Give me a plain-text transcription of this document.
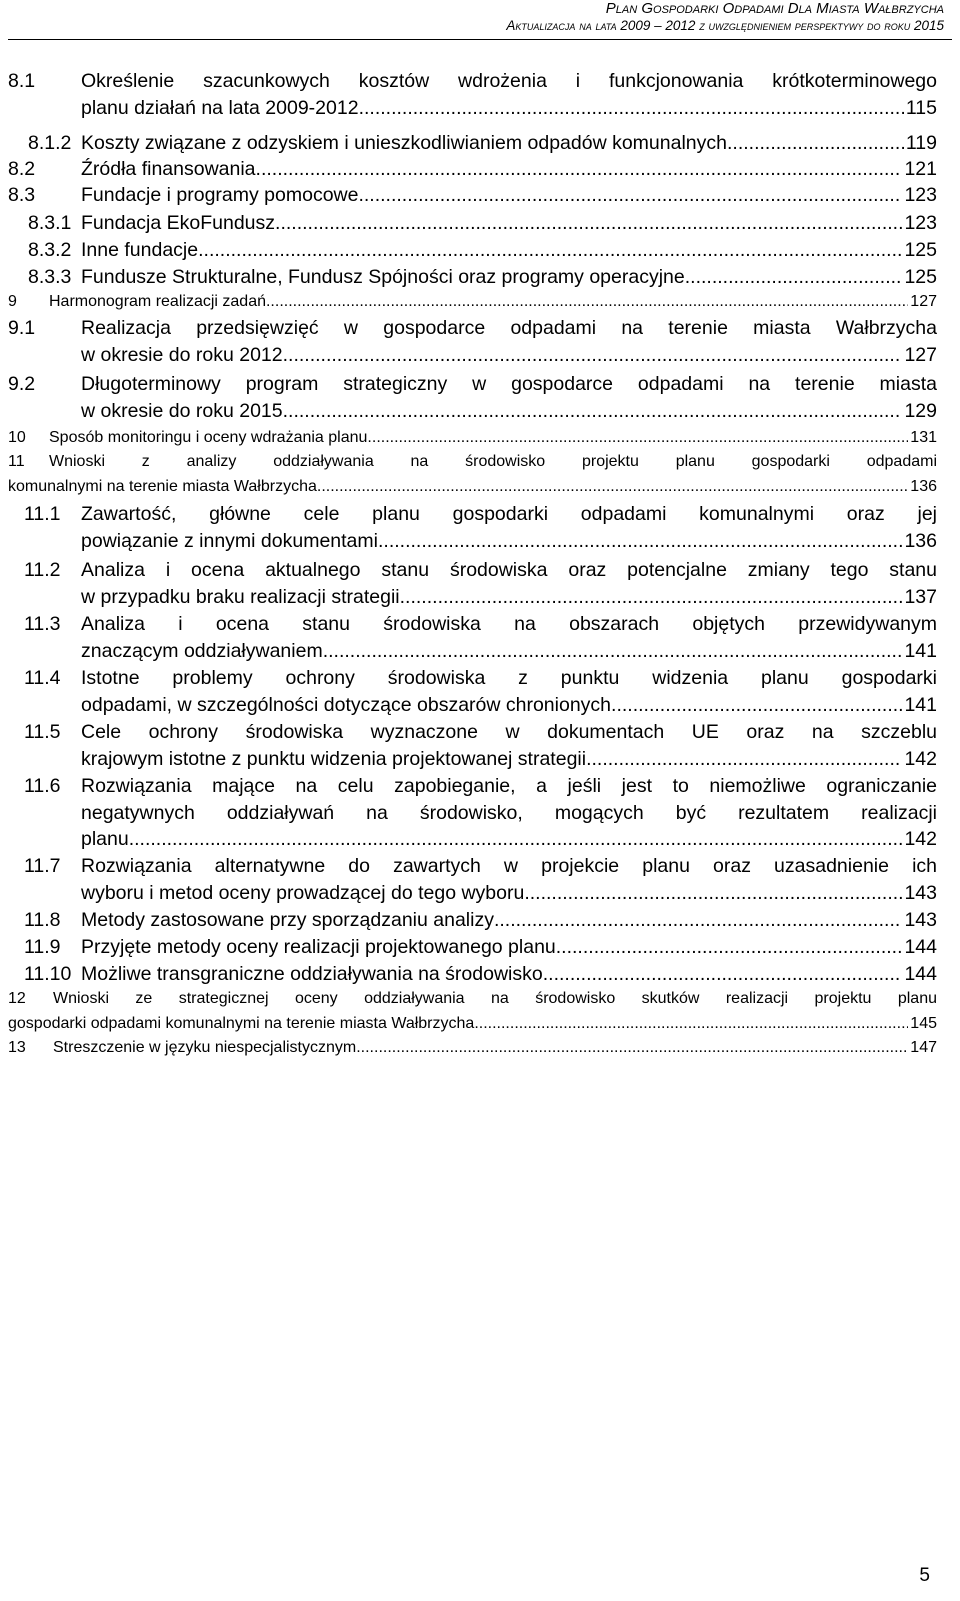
Plan Gospodarki Odpadami Dla Miasta Wałbrzycha
Aktualizacja na lata 2009 – 2012 z uwzględnieniem perspektywy do roku 2015
8.1 Określenie szacunkowych kosztów wdrożenia i funkcjonowania krótkoterminowego
planu działań na lata 2009-2012 .....	115
8.1.2 Koszty związane z odzyskiem i unieszkodliwianiem odpadów komunalnych .....	119
8.2 Źródła finansowania .....	121
8.3 Fundacje i programy pomocowe .....	123
8.3.1 Fundacja EkoFundusz .....	123
8.3.2 Inne fundacje .....	125
8.3.3 Fundusze Strukturalne, Fundusz Spójności oraz programy operacyjne .....	125
9 Harmonogram realizacji zadań .....	127
9.1 Realizacja przedsięwzięć w gospodarce odpadami na terenie miasta Wałbrzycha
w okresie do roku 2012 .....	127
9.2 Długoterminowy program strategiczny w gospodarce odpadami na terenie miasta
w okresie do roku 2015 .....	129
10 Sposób monitoringu i oceny wdrażania planu .....	131
11 Wnioski z analizy oddziaływania na środowisko projektu planu gospodarki odpadami
komunalnymi na terenie miasta Wałbrzycha .....	136
11.1 Zawartość, główne cele planu gospodarki odpadami komunalnymi oraz jej
powiązanie z innymi dokumentami .....	136
11.2 Analiza i ocena aktualnego stanu środowiska oraz potencjalne zmiany tego stanu
w przypadku braku realizacji strategii .....	137
11.3 Analiza i ocena stanu środowiska na obszarach objętych przewidywanym
znaczącym oddziaływaniem .....	141
11.4 Istotne problemy ochrony środowiska z punktu widzenia planu gospodarki
odpadami, w szczególności dotyczące obszarów chronionych .....	141
11.5 Cele ochrony środowiska wyznaczone w dokumentach UE oraz na szczeblu
krajowym istotne z punktu widzenia projektowanej strategii .....	142
11.6 Rozwiązania mające na celu zapobieganie, a jeśli jest to niemożliwe ograniczanie
negatywnych oddziaływań na środowisko, mogących być rezultatem realizacji
planu .....	142
11.7 Rozwiązania alternatywne do zawartych w projekcie planu oraz uzasadnienie ich
wyboru i metod oceny prowadzącej do tego wyboru .....	143
11.8 Metody zastosowane przy sporządzaniu analizy .....	143
11.9 Przyjęte metody oceny realizacji projektowanego planu .....	144
11.10 Możliwe transgraniczne oddziaływania na środowisko .....	144
12 Wnioski ze strategicznej oceny oddziaływania na środowisko skutków realizacji projektu planu
gospodarki odpadami komunalnymi na terenie miasta Wałbrzycha .....	145
13 Streszczenie w języku niespecjalistycznym .....	147
5
